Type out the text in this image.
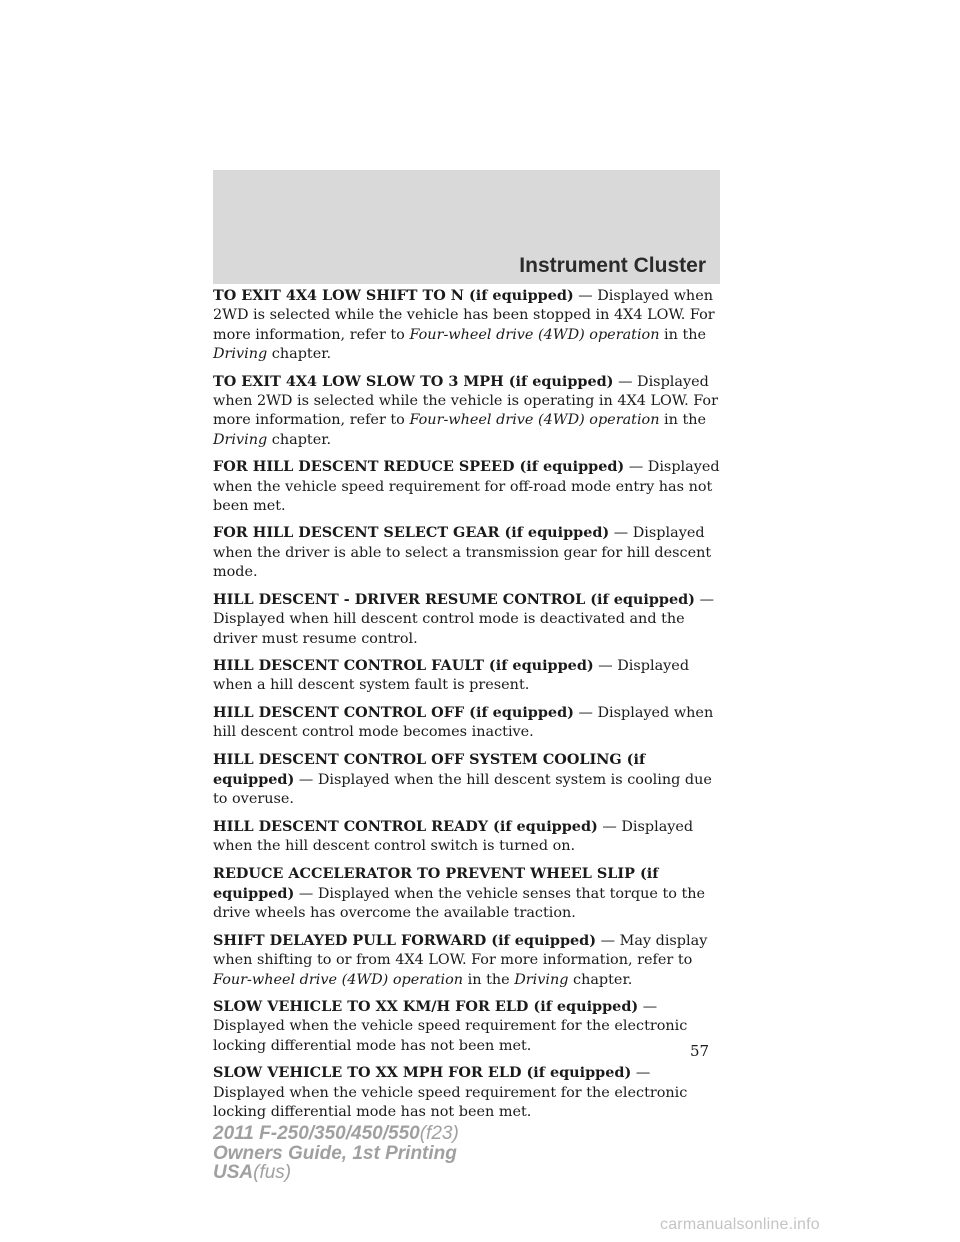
Instrument Cluster

TO EXIT 4X4 LOW SHIFT TO N (if equipped) — Displayed when 2WD is selected while the vehicle has been stopped in 4X4 LOW. For more information, refer to Four-wheel drive (4WD) operation in the Driving chapter.

TO EXIT 4X4 LOW SLOW TO 3 MPH (if equipped) — Displayed when 2WD is selected while the vehicle is operating in 4X4 LOW. For more information, refer to Four-wheel drive (4WD) operation in the Driving chapter.

FOR HILL DESCENT REDUCE SPEED (if equipped) — Displayed when the vehicle speed requirement for off-road mode entry has not been met.

FOR HILL DESCENT SELECT GEAR (if equipped) — Displayed when the driver is able to select a transmission gear for hill descent mode.

HILL DESCENT - DRIVER RESUME CONTROL (if equipped) — Displayed when hill descent control mode is deactivated and the driver must resume control.

HILL DESCENT CONTROL FAULT (if equipped) — Displayed when a hill descent system fault is present.

HILL DESCENT CONTROL OFF (if equipped) — Displayed when hill descent control mode becomes inactive.

HILL DESCENT CONTROL OFF SYSTEM COOLING (if equipped) — Displayed when the hill descent system is cooling due to overuse.

HILL DESCENT CONTROL READY (if equipped) — Displayed when the hill descent control switch is turned on.

REDUCE ACCELERATOR TO PREVENT WHEEL SLIP (if equipped) — Displayed when the vehicle senses that torque to the drive wheels has overcome the available traction.

SHIFT DELAYED PULL FORWARD (if equipped) — May display when shifting to or from 4X4 LOW. For more information, refer to Four-wheel drive (4WD) operation in the Driving chapter.

SLOW VEHICLE TO XX KM/H FOR ELD (if equipped) — Displayed when the vehicle speed requirement for the electronic locking differential mode has not been met.

SLOW VEHICLE TO XX MPH FOR ELD (if equipped) — Displayed when the vehicle speed requirement for the electronic locking differential mode has not been met.

57
2011 F-250/350/450/550(f23)
Owners Guide, 1st Printing
USA(fus)
carmanualsonline.info
